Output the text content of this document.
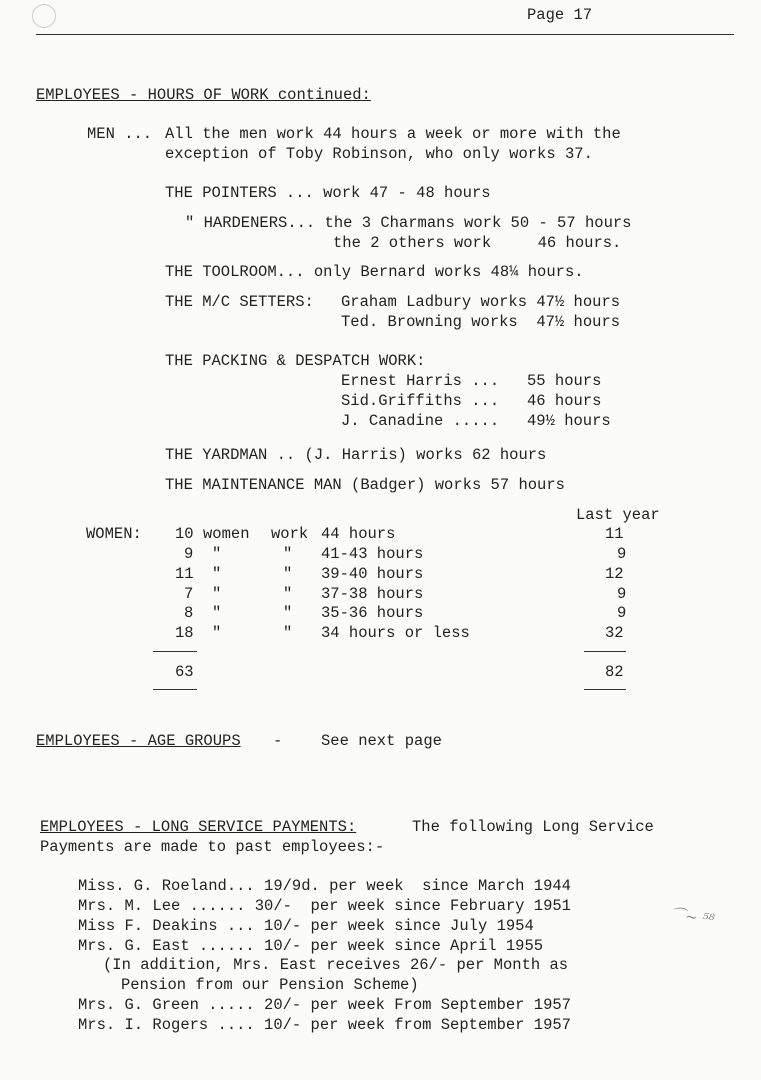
Page 17
EMPLOYEES - HOURS OF WORK continued:
MEN ... All the men work 44 hours a week or more with the
exception of Toby Robinson, who only works 37.
THE POINTERS ... work 47 - 48 hours
" HARDENERS... the 3 Charmans work 50 - 57 hours
the 2 others work     46 hours.
THE TOOLROOM... only Bernard works 48¼ hours.
THE M/C SETTERS: Graham Ladbury works 47½ hours
Ted. Browning works  47½ hours
THE PACKING & DESPATCH WORK:
Ernest Harris ... 55 hours
Sid.Griffiths ... 46 hours
J. Canadine ..... 49½ hours
THE YARDMAN .. (J. Harris) works 62 hours
THE MAINTENANCE MAN (Badger) works 57 hours
Last year
WOMEN: 10 women work 44 hours	11
9 "	" 41-43 hours	9
11 "	" 39-40 hours	12
7 "	" 37-38 hours	9
8 "	" 35-36 hours	9
18 "	" 34 hours or less	32
63	82
EMPLOYEES - AGE GROUPS - See next page
EMPLOYEES - LONG SERVICE PAYMENTS:	The following Long Service
Payments are made to past employees:-
Miss. G. Roeland... 19/9d. per week  since March 1944
Mrs. M. Lee ...... 30/-  per week since February 1951
Miss F. Deakins ... 10/- per week since July 1954
Mrs. G. East ...... 10/- per week since April 1955
(In addition, Mrs. East receives 26/- per Month as
Pension from our Pension Scheme)
Mrs. G. Green ..... 20/- per week From September 1957
Mrs. I. Rogers .... 10/- per week from September 1957
⌒~ ⁵⁸
